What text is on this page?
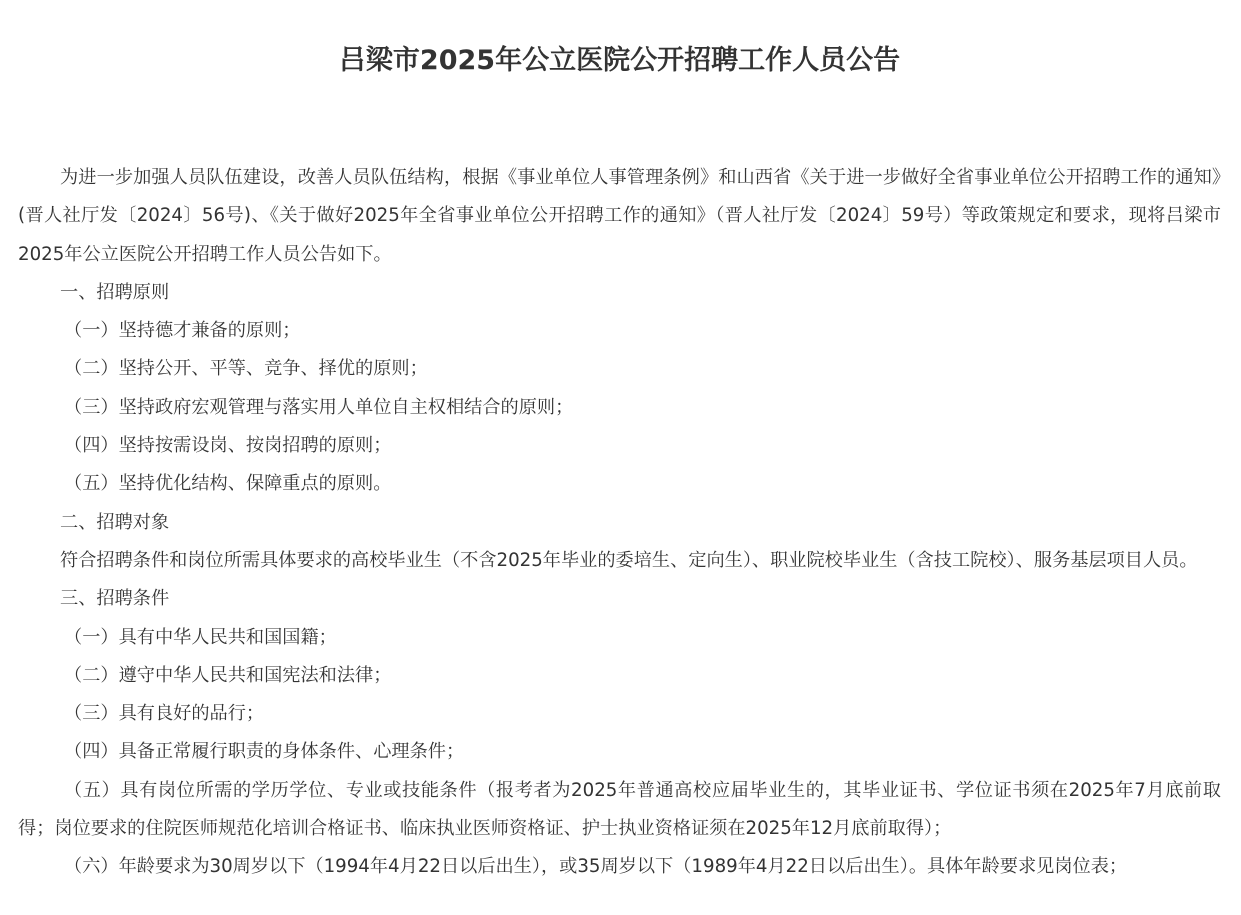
吕梁市2025年公立医院公开招聘工作人员公告

为进一步加强人员队伍建设，改善人员队伍结构，根据《事业单位人事管理条例》和山西省《关于进一步做好全省事业单位公开招聘工作的通知》(晋人社厅发〔2024〕56号)、《关于做好2025年全省事业单位公开招聘工作的通知》（晋人社厅发〔2024〕59号）等政策规定和要求，现将吕梁市2025年公立医院公开招聘工作人员公告如下。

一、招聘原则

（一）坚持德才兼备的原则；

（二）坚持公开、平等、竞争、择优的原则；

（三）坚持政府宏观管理与落实用人单位自主权相结合的原则；

（四）坚持按需设岗、按岗招聘的原则；

（五）坚持优化结构、保障重点的原则。

二、招聘对象

符合招聘条件和岗位所需具体要求的高校毕业生（不含2025年毕业的委培生、定向生）、职业院校毕业生（含技工院校）、服务基层项目人员。

三、招聘条件

（一）具有中华人民共和国国籍；

（二）遵守中华人民共和国宪法和法律；

（三）具有良好的品行；

（四）具备正常履行职责的身体条件、心理条件；

（五）具有岗位所需的学历学位、专业或技能条件（报考者为2025年普通高校应届毕业生的，其毕业证书、学位证书须在2025年7月底前取得；岗位要求的住院医师规范化培训合格证书、临床执业医师资格证、护士执业资格证须在2025年12月底前取得）；

（六）年龄要求为30周岁以下（1994年4月22日以后出生），或35周岁以下（1989年4月22日以后出生）。具体年龄要求见岗位表；
